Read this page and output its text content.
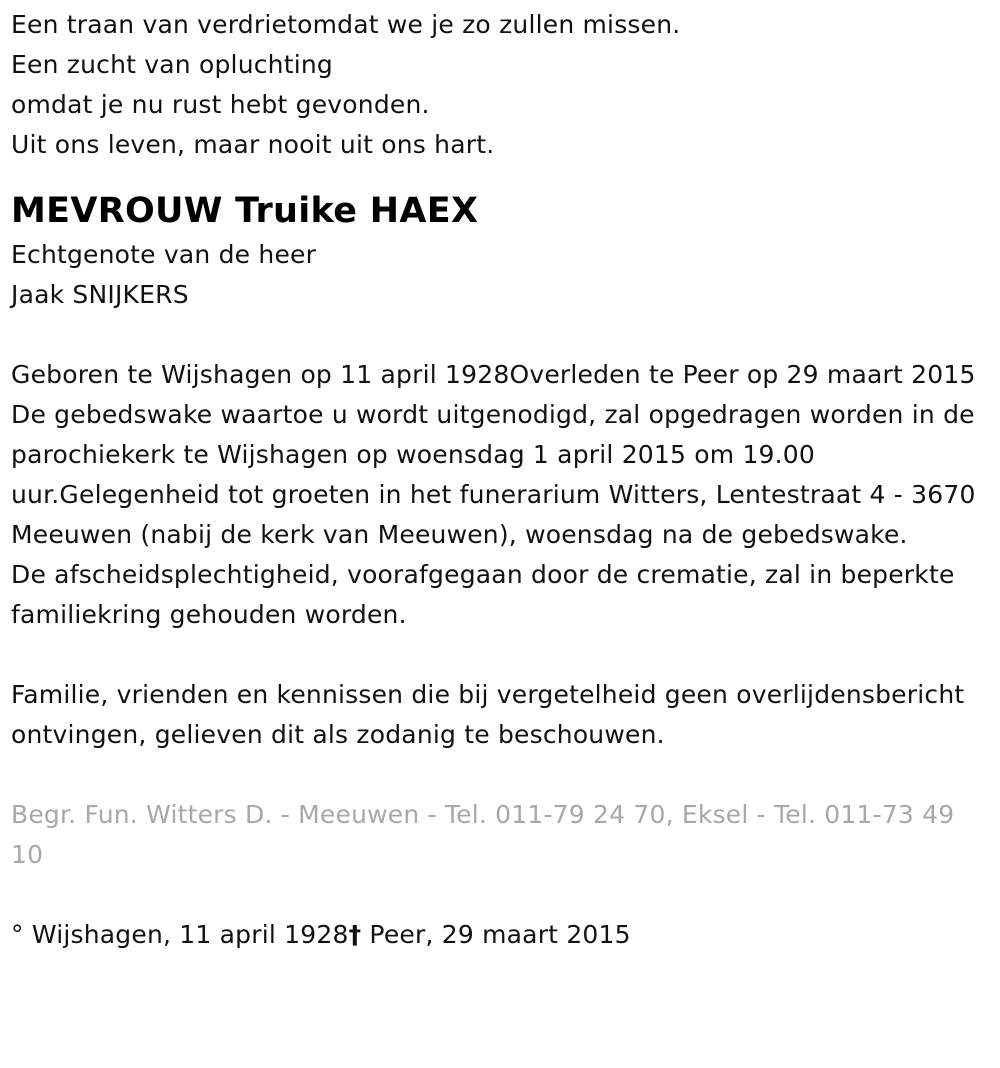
Een traan van verdrietomdat we je zo zullen missen.
Een zucht van opluchting
omdat je nu rust hebt gevonden.
Uit ons leven, maar nooit uit ons hart.
MEVROUW Truike HAEX
Echtgenote van de heer
Jaak SNIJKERS
Geboren te Wijshagen op 11 april 1928Overleden te Peer op 29 maart 2015
De gebedswake waartoe u wordt uitgenodigd, zal opgedragen worden in de parochiekerk te Wijshagen op woensdag 1 april 2015 om 19.00 uur.Gelegenheid tot groeten in het funerarium Witters, Lentestraat 4 - 3670 Meeuwen (nabij de kerk van Meeuwen), woensdag na de gebedswake.
De afscheidsplechtigheid, voorafgegaan door de crematie, zal in beperkte familiekring gehouden worden.
Familie, vrienden en kennissen die bij vergetelheid geen overlijdensbericht ontvingen, gelieven dit als zodanig te beschouwen.
Begr. Fun. Witters D. - Meeuwen - Tel. 011-79 24 70, Eksel - Tel. 011-73 49 10
° Wijshagen, 11 april 1928† Peer, 29 maart 2015
